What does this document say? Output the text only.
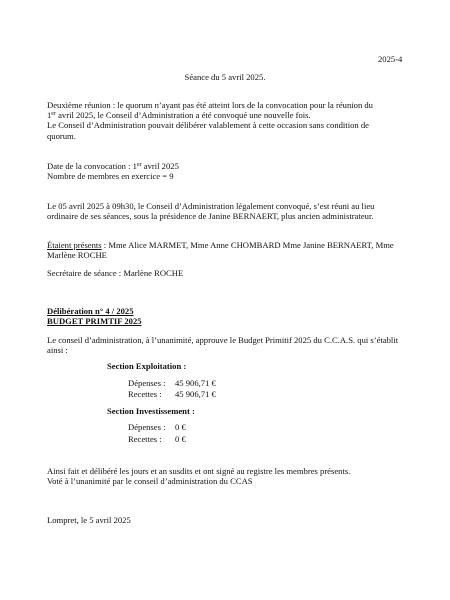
2025-4
Séance du 5 avril 2025.

Deuxième réunion : le quorum n’ayant pas été atteint lors de la convocation pour la réunion du

1er avril 2025, le Conseil d’Administration a été convoqué une nouvelle fois.

Le Conseil d’Administration pouvait délibérer valablement à cette occasion sans condition de

quorum.

Date de la convocation : 1er avril 2025

Nombre de membres en exercice = 9

Le 05 avril 2025 à 09h30, le Conseil d’Administration légalement convoqué, s’est réuni au lieu ordinaire de ses séances, sous la présidence de Janine BERNAERT, plus ancien administrateur.
Étaient présents : Mme Alice MARMET, Mme Anne CHOMBARD Mme Janine BERNAERT, Mme Marlène ROCHE
Secrétaire de séance : Marlène ROCHE
Délibération n° 4 / 2025
BUDGET PRIMTIF 2025
Le conseil d’administration, à l’unanimité, approuve le Budget Primitif 2025 du C.C.A.S. qui s’établit ainsi :
Section Exploitation :
Dépenses : 45 906,71 €
Recettes : 45 906,71 €
Section Investissement :
Dépenses : 0 €
Recettes : 0 €

Ainsi fait et délibéré les jours et an susdits et ont signé au registre les membres présents.

Voté à l’unanimité par le conseil d’administration du CCAS

Lompret, le 5 avril 2025
